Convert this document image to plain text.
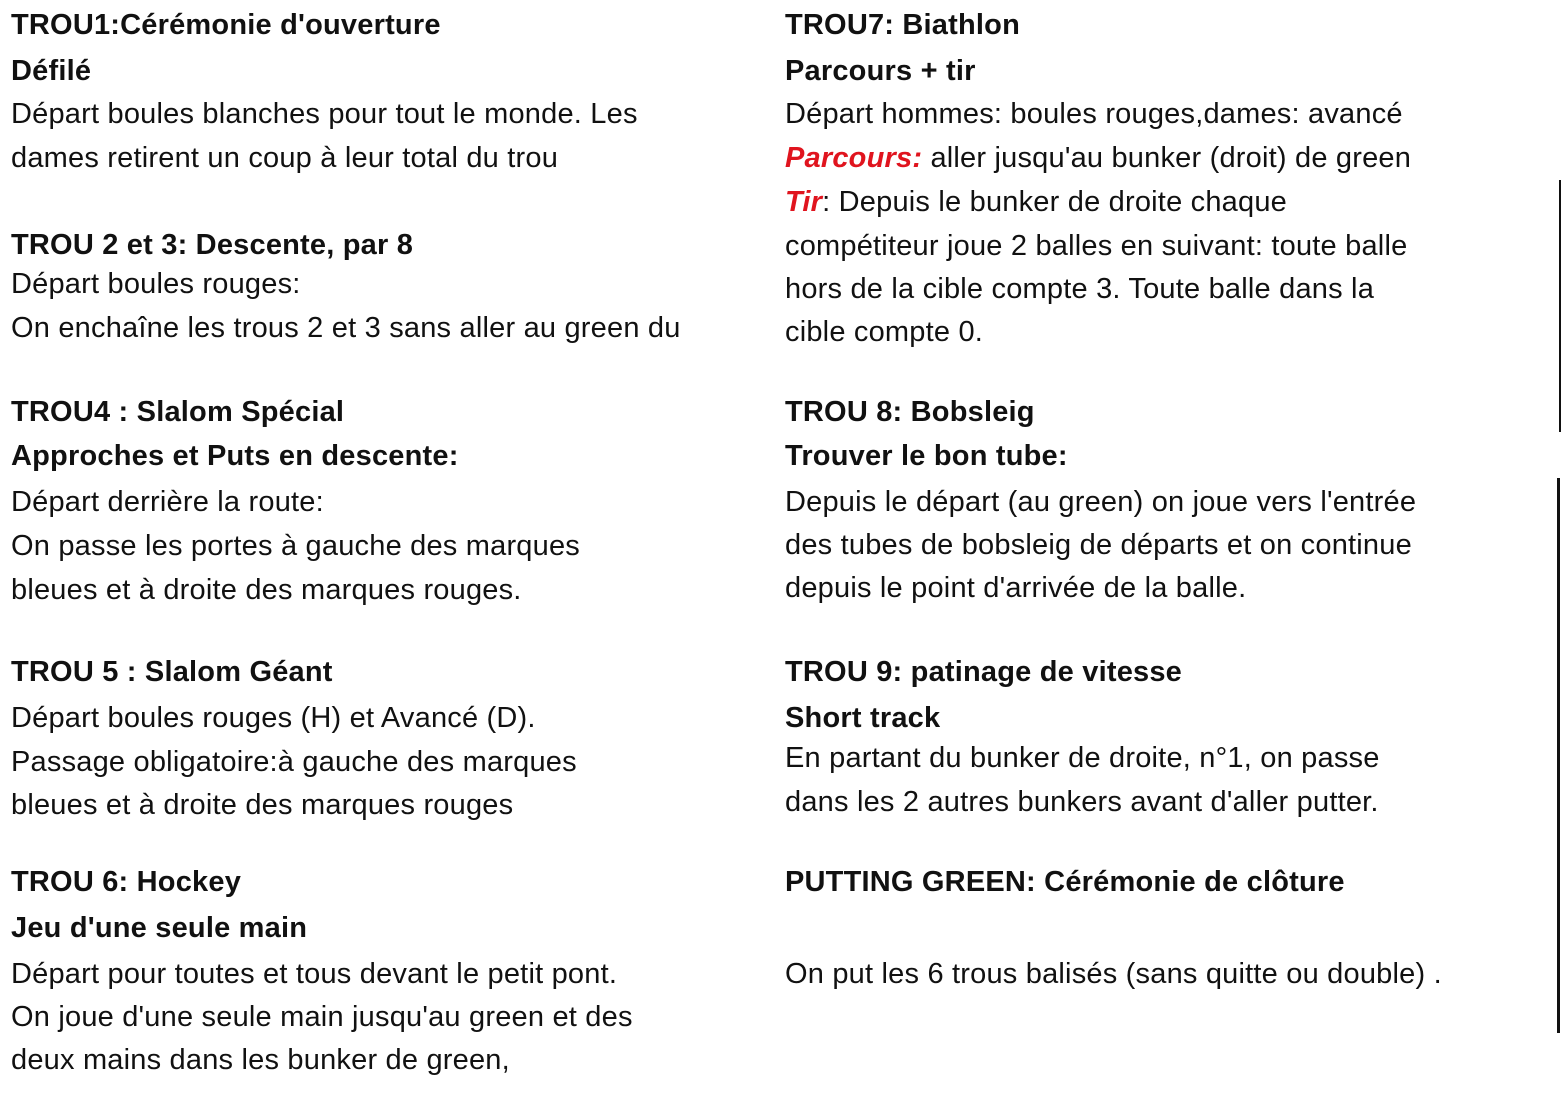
TROU1:Cérémonie d'ouverture
Défilé
Départ boules blanches pour tout le monde. Les
dames retirent un coup à leur total du trou
TROU 2 et 3: Descente, par 8
Départ boules rouges:
On enchaîne les trous 2 et 3 sans aller au green du
TROU4 : Slalom Spécial
Approches et Puts en descente:
Départ derrière la route:
On passe les portes à gauche des marques
bleues et à droite des marques rouges.
TROU 5 : Slalom Géant
Départ boules rouges (H) et Avancé (D).
Passage obligatoire:à gauche des marques
bleues et à droite des marques rouges
TROU 6: Hockey
Jeu d'une seule main
Départ pour toutes et tous devant le petit pont.
On joue d'une seule main jusqu'au green et des
deux mains dans les bunker de green,
TROU7: Biathlon
Parcours + tir
Départ hommes: boules rouges,dames: avancé
Parcours: aller jusqu'au bunker (droit) de green
Tir: Depuis le bunker de droite chaque
compétiteur joue 2 balles en suivant: toute balle
hors de la cible compte 3. Toute balle dans la
cible compte 0.
TROU 8: Bobsleig
Trouver le bon tube:
Depuis le départ (au green) on joue vers l'entrée
des tubes de bobsleig de départs et on continue
depuis le point d'arrivée de la balle.
TROU 9: patinage de vitesse
Short track
En partant du bunker de droite, n°1, on passe
dans les 2 autres bunkers avant d'aller putter.
PUTTING GREEN: Cérémonie de clôture
On put les 6 trous balisés (sans quitte ou double) .
